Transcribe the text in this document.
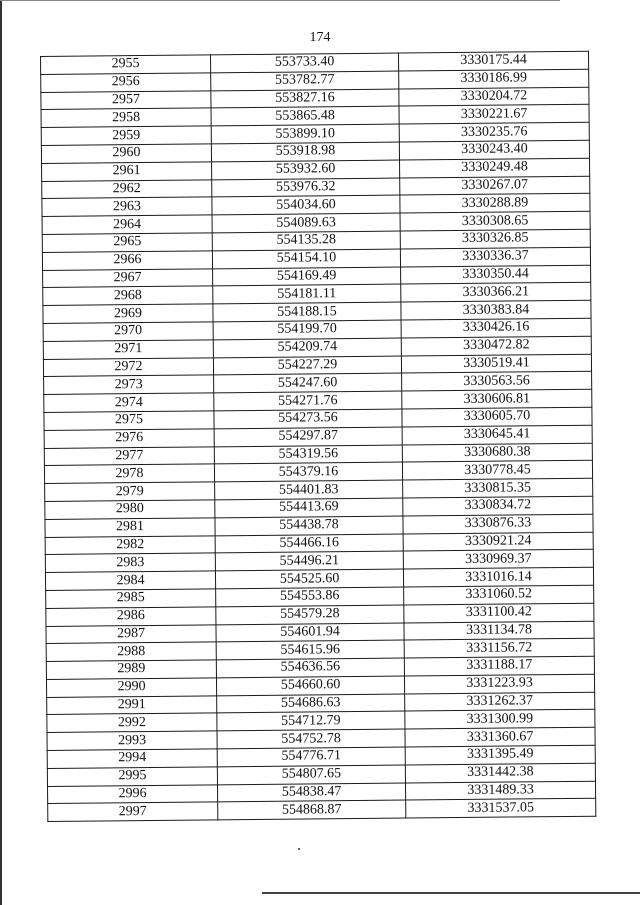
174
2955	553733.40	3330175.44
2956	553782.77	3330186.99
2957	553827.16	3330204.72
2958	553865.48	3330221.67
2959	553899.10	3330235.76
2960	553918.98	3330243.40
2961	553932.60	3330249.48
2962	553976.32	3330267.07
2963	554034.60	3330288.89
2964	554089.63	3330308.65
2965	554135.28	3330326.85
2966	554154.10	3330336.37
2967	554169.49	3330350.44
2968	554181.11	3330366.21
2969	554188.15	3330383.84
2970	554199.70	3330426.16
2971	554209.74	3330472.82
2972	554227.29	3330519.41
2973	554247.60	3330563.56
2974	554271.76	3330606.81
2975	554273.56	3330605.70
2976	554297.87	3330645.41
2977	554319.56	3330680.38
2978	554379.16	3330778.45
2979	554401.83	3330815.35
2980	554413.69	3330834.72
2981	554438.78	3330876.33
2982	554466.16	3330921.24
2983	554496.21	3330969.37
2984	554525.60	3331016.14
2985	554553.86	3331060.52
2986	554579.28	3331100.42
2987	554601.94	3331134.78
2988	554615.96	3331156.72
2989	554636.56	3331188.17
2990	554660.60	3331223.93
2991	554686.63	3331262.37
2992	554712.79	3331300.99
2993	554752.78	3331360.67
2994	554776.71	3331395.49
2995	554807.65	3331442.38
2996	554838.47	3331489.33
2997	554868.87	3331537.05
